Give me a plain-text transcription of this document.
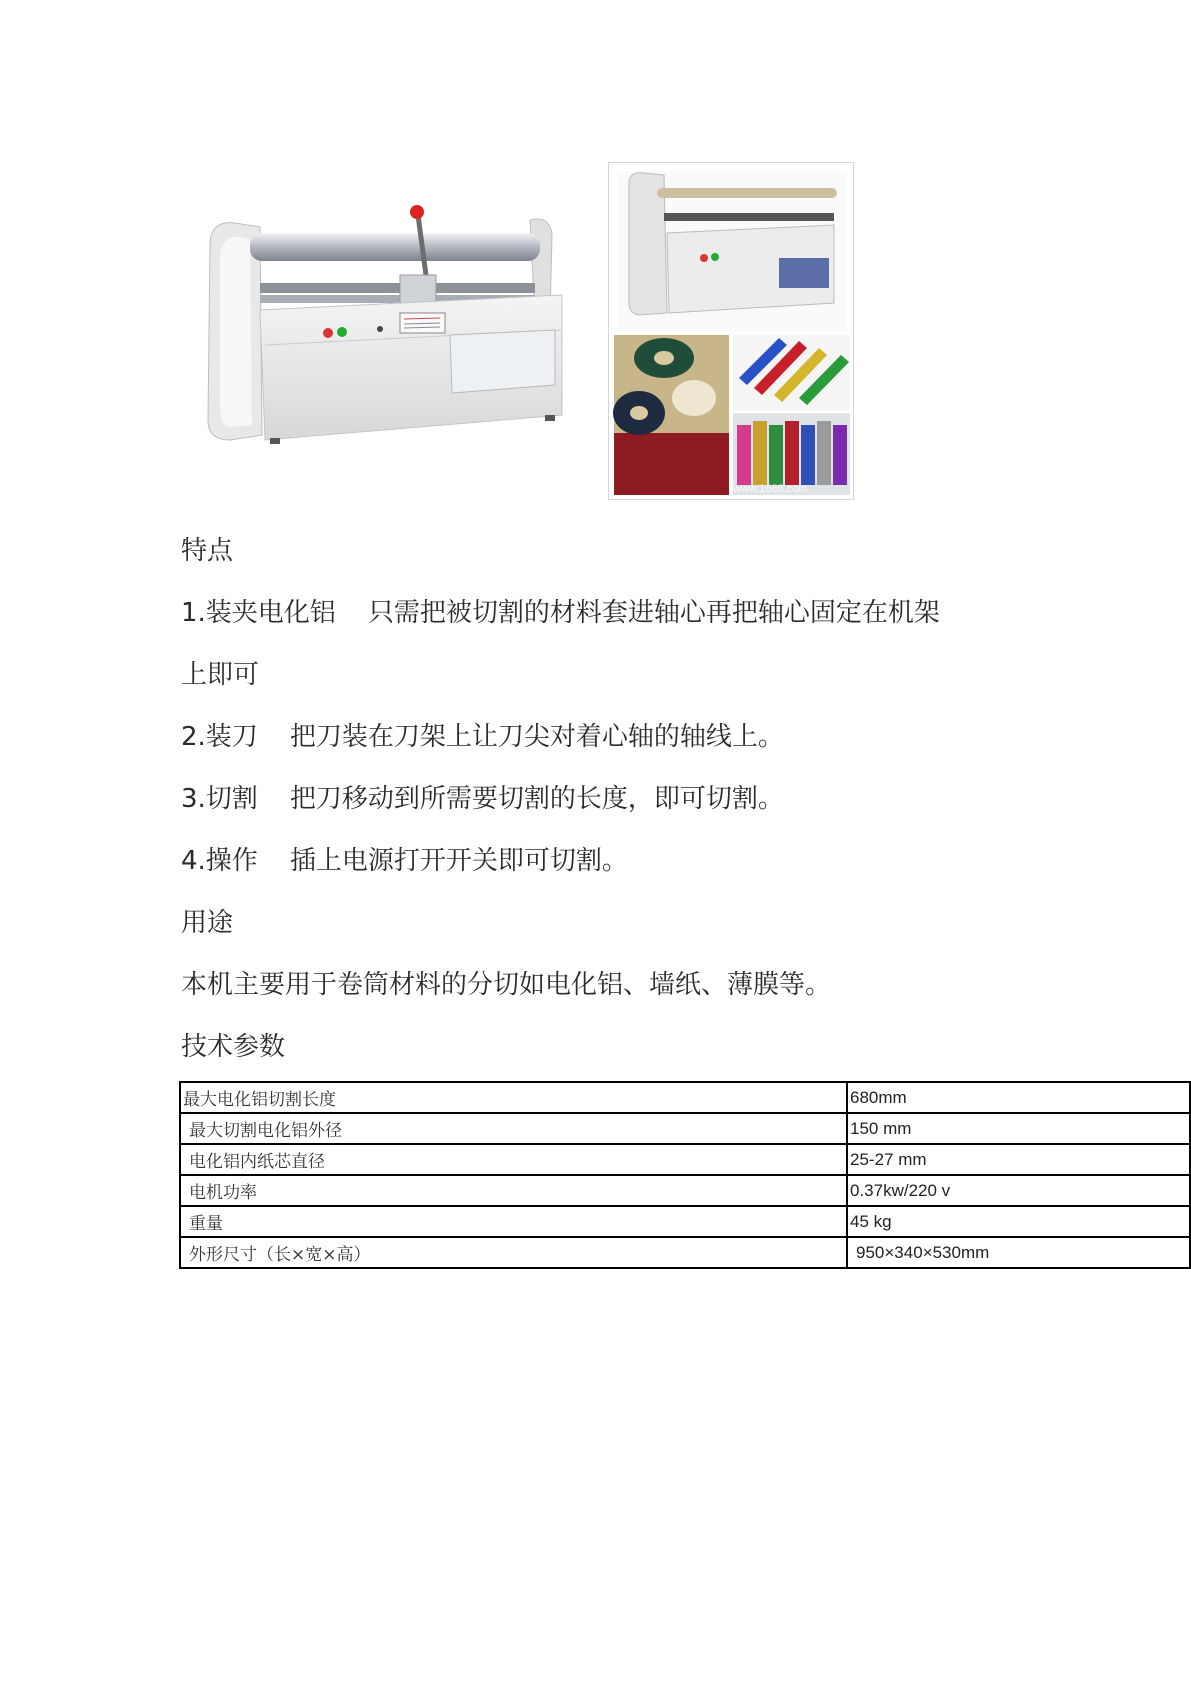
www.1688.com
特点
1.装夹电化铝 只需把被切割的材料套进轴心再把轴心固定在机架
上即可
2.装刀 把刀装在刀架上让刀尖对着心轴的轴线上。
3.切割 把刀移动到所需要切割的长度，即可切割。
4.操作 插上电源打开开关即可切割。
用途
本机主要用于卷筒材料的分切如电化铝、墙纸、薄膜等。
技术参数
最大电化铝切割长度	680mm
最大切割电化铝外径	150 mm
电化铝内纸芯直径	25-27 mm
电机功率	0.37kw/220 v
重量	45 kg
外形尺寸（长×宽×高）	950×340×530mm
